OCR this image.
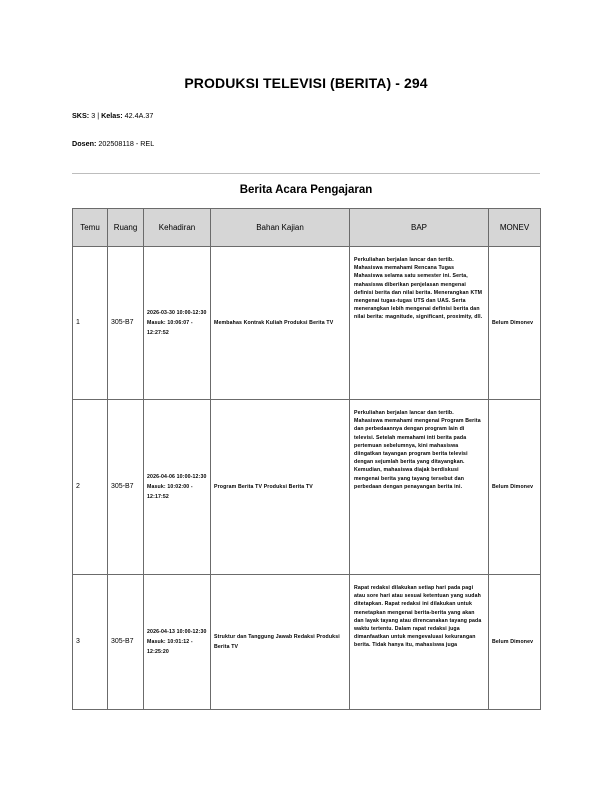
PRODUKSI TELEVISI (BERITA) - 294
SKS: 3 | Kelas: 42.4A.37
Dosen: 202508118 - REL
Berita Acara Pengajaran
Temu	Ruang	Kehadiran	Bahan Kajian	BAP	MONEV

1	305-B7	2026-03-30 10:00-12:30 Masuk: 10:06:07 - 12:27:52	Membahas Kontrak Kuliah Produksi Berita TV	Perkuliahan berjalan lancar dan tertib. Mahasiswa memahami Rencana Tugas Mahasiswa selama satu semester ini. Serta, mahasiswa diberikan penjelasan mengenai definisi berita dan nilai berita. Menerangkan KTM mengenai tugas-tugas UTS dan UAS. Serta menerangkan lebih mengenai definisi berita dan nilai berita: magnitude, significant, proximity, dll.	Belum Dimonev

2	305-B7	2026-04-06 10:00-12:30 Masuk: 10:02:00 - 12:17:52	Program Berita TV Produksi Berita TV	Perkuliahan berjalan lancar dan tertib. Mahasiswa memahami mengenai Program Berita dan perbedaannya dengan program lain di televisi. Setelah memahami inti berita pada pertemuan sebelumnya, kini mahasiswa diingatkan tayangan program berita televisi dengan sejumlah berita yang ditayangkan. Kemudian, mahasiswa diajak berdiskusi mengenai berita yang tayang tersebut dan perbedaan dengan penayangan berita ini.	Belum Dimonev

3	305-B7	2026-04-13 10:00-12:30 Masuk: 10:01:12 - 12:25:20	Struktur dan Tanggung Jawab Redaksi Produksi Berita TV	Rapat redaksi dilakukan setiap hari pada pagi atau sore hari atau sesuai ketentuan yang sudah ditetapkan. Rapat redaksi ini dilakukan untuk menetapkan mengenai berita-berita yang akan dan layak tayang atau direncanakan tayang pada waktu tertentu. Dalam rapat redaksi juga dimanfaatkan untuk mengevaluasi kekurangan berita. Tidak hanya itu, mahasiswa juga	Belum Dimonev
